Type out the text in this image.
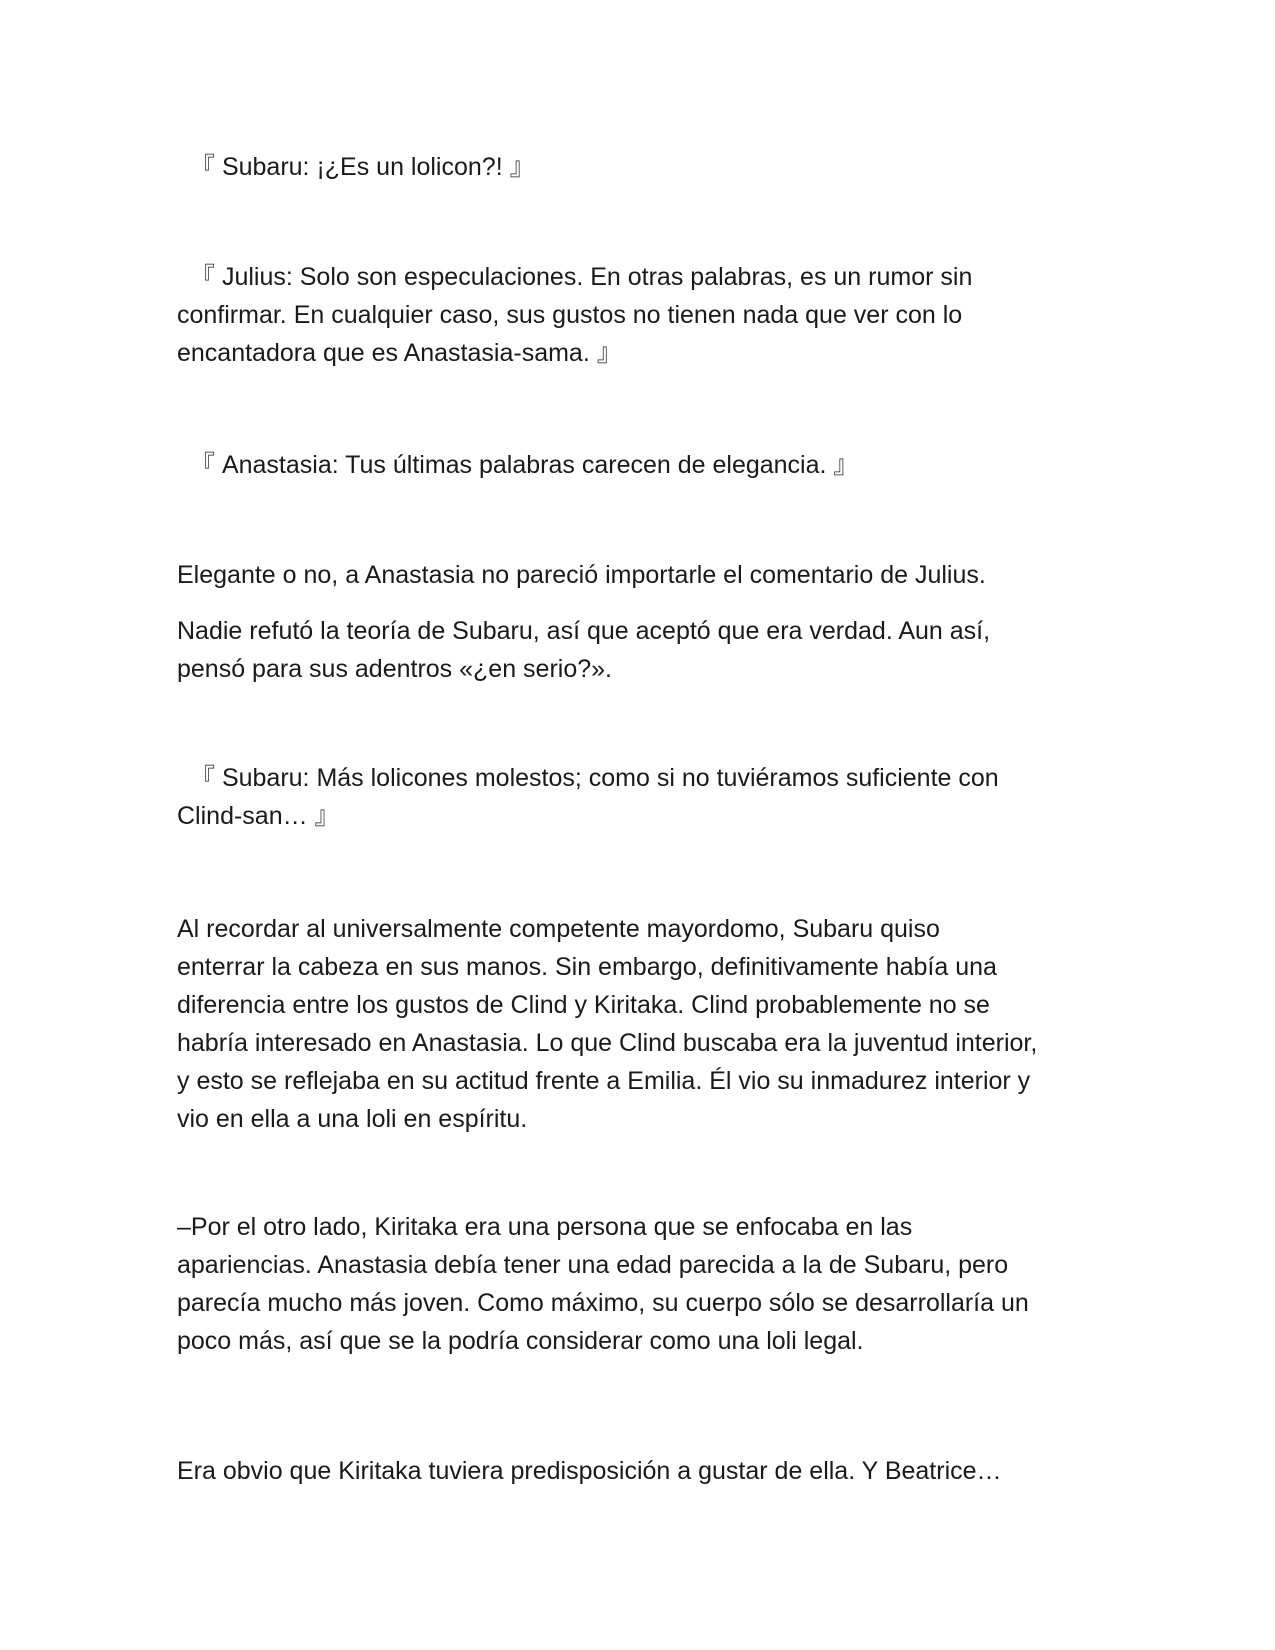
『 Subaru: ¡¿Es un lolicon?! 』

『 Julius: Solo son especulaciones. En otras palabras, es un rumor sin
confirmar. En cualquier caso, sus gustos no tienen nada que ver con lo
encantadora que es Anastasia-sama. 』

『 Anastasia: Tus últimas palabras carecen de elegancia. 』

Elegante o no, a Anastasia no pareció importarle el comentario de Julius.

Nadie refutó la teoría de Subaru, así que aceptó que era verdad. Aun así,
pensó para sus adentros «¿en serio?».

『 Subaru: Más lolicones molestos; como si no tuviéramos suficiente con
Clind-san… 』

Al recordar al universalmente competente mayordomo, Subaru quiso
enterrar la cabeza en sus manos. Sin embargo, definitivamente había una
diferencia entre los gustos de Clind y Kiritaka. Clind probablemente no se
habría interesado en Anastasia. Lo que Clind buscaba era la juventud interior,
y esto se reflejaba en su actitud frente a Emilia. Él vio su inmadurez interior y
vio en ella a una loli en espíritu.

–Por el otro lado, Kiritaka era una persona que se enfocaba en las
apariencias. Anastasia debía tener una edad parecida a la de Subaru, pero
parecía mucho más joven. Como máximo, su cuerpo sólo se desarrollaría un
poco más, así que se la podría considerar como una loli legal.

Era obvio que Kiritaka tuviera predisposición a gustar de ella. Y Beatrice…
